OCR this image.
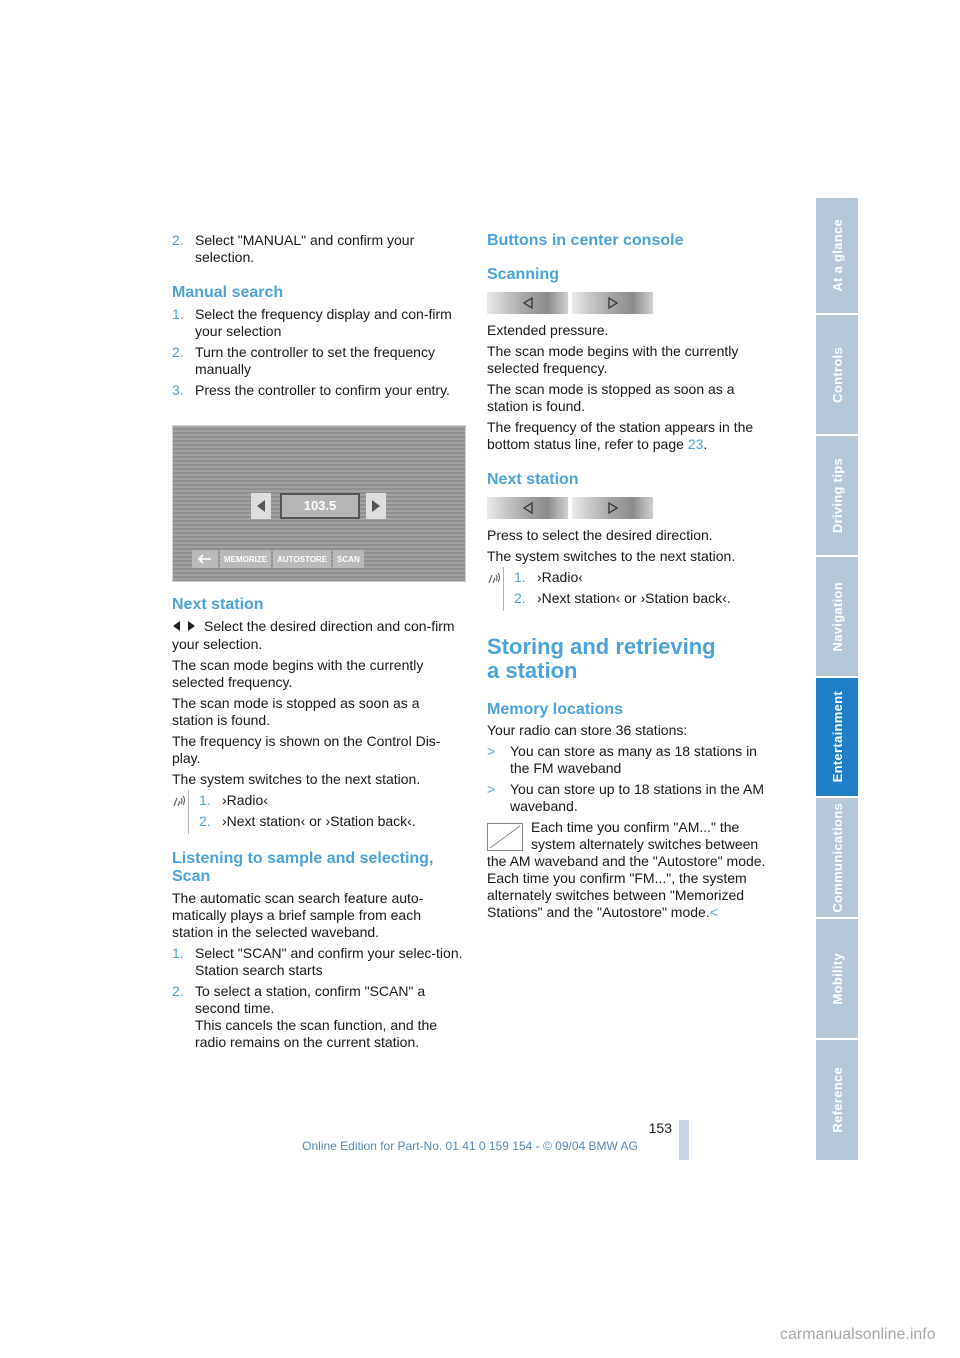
2. Select "MANUAL" and confirm your selection.
Manual search
1. Select the frequency display and con-firm your selection
2. Turn the controller to set the frequency manually
3. Press the controller to confirm your entry.
103.5
MEMORIZE	AUTOSTORE	SCAN
Next station

Select the desired direction and con-firm your selection.

The scan mode begins with the currently selected frequency.

The scan mode is stopped as soon as a station is found.

The frequency is shown on the Control Dis-play.

The system switches to the next station.

1. ›Radio‹
2. ›Next station‹ or ›Station back‹.
Listening to sample and selecting, Scan

The automatic scan search feature auto-matically plays a brief sample from each station in the selected waveband.

1. Select "SCAN" and confirm your selec-tion.
Station search starts
2. To select a station, confirm "SCAN" a second time.
This cancels the scan function, and the radio remains on the current station.
Buttons in center console
Scanning

Extended pressure.

The scan mode begins with the currently selected frequency.

The scan mode is stopped as soon as a station is found.

The frequency of the station appears in the bottom status line, refer to page 23.

Next station

Press to select the desired direction.

The system switches to the next station.

1. ›Radio‹
2. ›Next station‹ or ›Station back‹.
Storing and retrieving a station
Memory locations

Your radio can store 36 stations:

> You can store as many as 18 stations in the FM waveband
> You can store up to 18 stations in the AM waveband.
Each time you confirm "AM..." the system alternately switches between the AM waveband and the "Autostore" mode.
Each time you confirm "FM...", the system alternately switches between "Memorized Stations" and the "Autostore" mode.<
At a glance
Controls
Driving tips
Navigation
Entertainment
Communications
Mobility
Reference
153
Online Edition for Part-No. 01 41 0 159 154 - © 09/04 BMW AG
carmanualsonline.info
